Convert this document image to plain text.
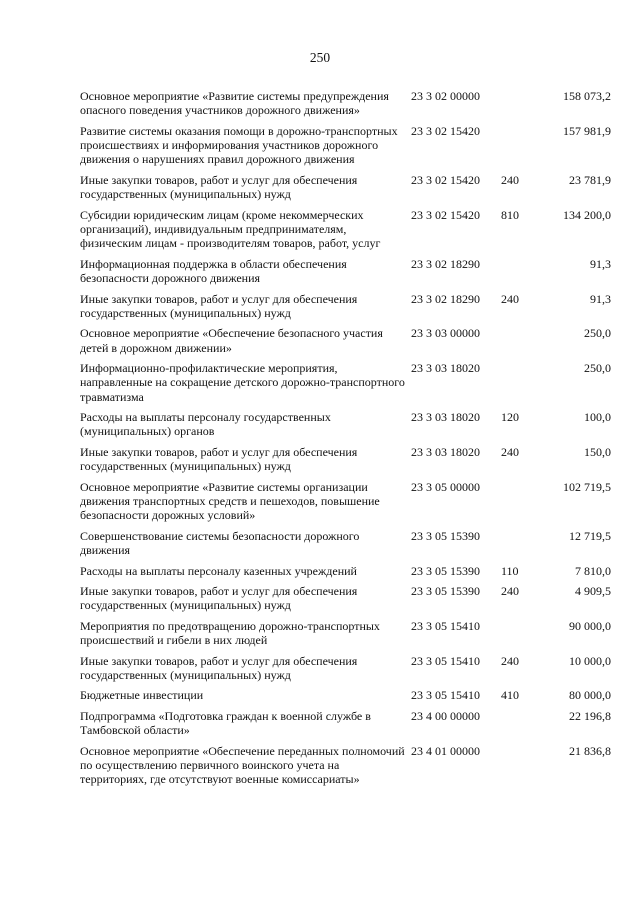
250
Основное мероприятие «Развитие системы предупреждения опасного поведения участников дорожного движения»	23 3 02 00000		158 073,2
Развитие системы оказания помощи в дорожно-транспортных происшествиях и информирования участников дорожного движения о нарушениях правил дорожного движения	23 3 02 15420		157 981,9
Иные закупки товаров, работ и услуг для обеспечения государственных (муниципальных) нужд	23 3 02 15420	240	23 781,9
Субсидии юридическим лицам (кроме некоммерческих организаций), индивидуальным предпринимателям, физическим лицам - производителям товаров, работ, услуг	23 3 02 15420	810	134 200,0
Информационная поддержка в области обеспечения безопасности дорожного движения	23 3 02 18290		91,3
Иные закупки товаров, работ и услуг для обеспечения государственных (муниципальных) нужд	23 3 02 18290	240	91,3
Основное мероприятие «Обеспечение безопасного участия детей в дорожном движении»	23 3 03 00000		250,0
Информационно-профилактические мероприятия, направленные на сокращение детского дорожно-транспортного травматизма	23 3 03 18020		250,0
Расходы на выплаты персоналу государственных (муниципальных) органов	23 3 03 18020	120	100,0
Иные закупки товаров, работ и услуг для обеспечения государственных (муниципальных) нужд	23 3 03 18020	240	150,0
Основное мероприятие «Развитие системы организации движения транспортных средств и пешеходов, повышение безопасности дорожных условий»	23 3 05 00000		102 719,5
Совершенствование системы безопасности дорожного движения	23 3 05 15390		12 719,5
Расходы на выплаты персоналу казенных учреждений	23 3 05 15390	110	7 810,0
Иные закупки товаров, работ и услуг для обеспечения государственных (муниципальных) нужд	23 3 05 15390	240	4 909,5
Мероприятия по предотвращению дорожно-транспортных происшествий и гибели в них людей	23 3 05 15410		90 000,0
Иные закупки товаров, работ и услуг для обеспечения государственных (муниципальных) нужд	23 3 05 15410	240	10 000,0
Бюджетные инвестиции	23 3 05 15410	410	80 000,0
Подпрограмма «Подготовка граждан к военной службе в Тамбовской области»	23 4 00 00000		22 196,8
Основное мероприятие «Обеспечение переданных полномочий по осуществлению первичного воинского учета на территориях, где отсутствуют военные комиссариаты»	23 4 01 00000		21 836,8
